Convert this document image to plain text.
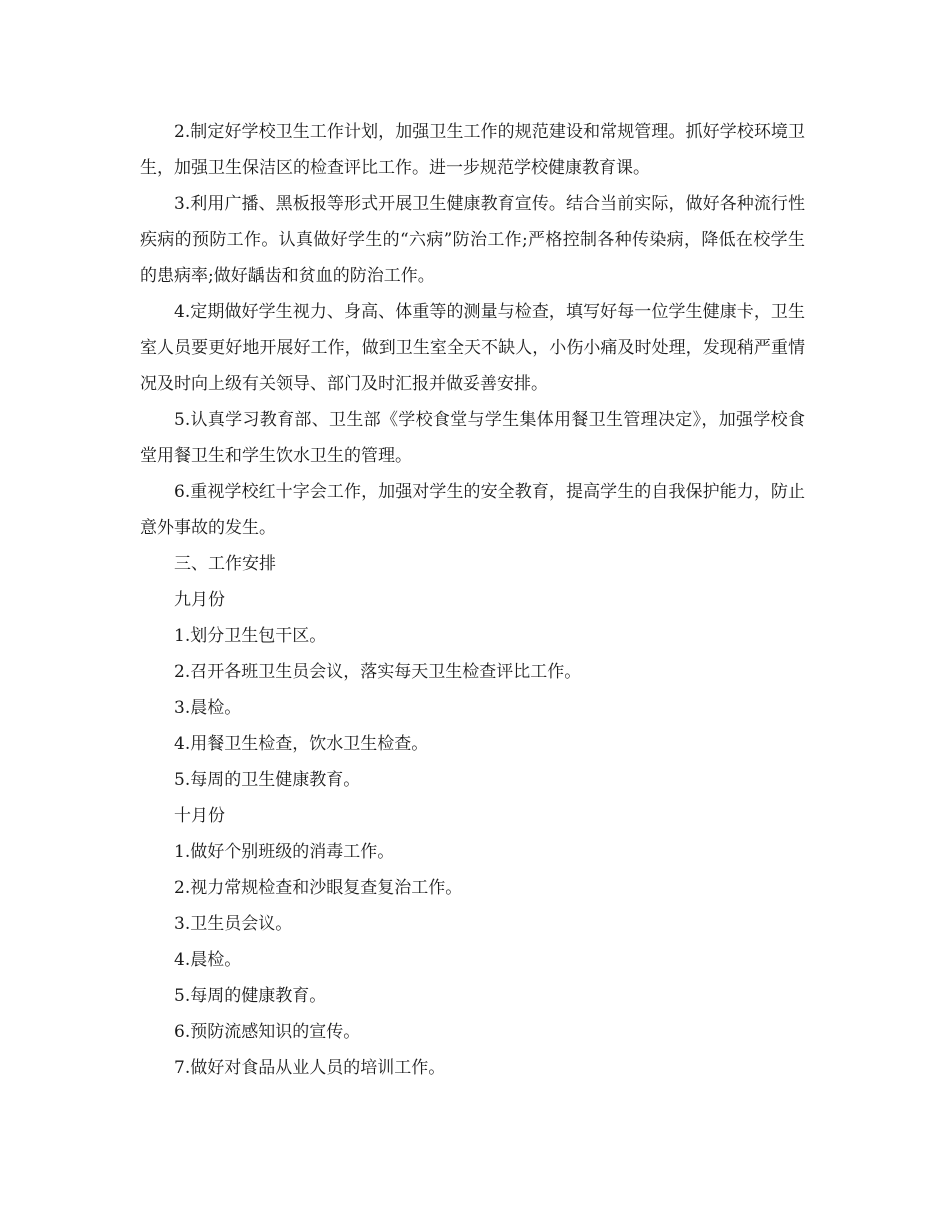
2.制定好学校卫生工作计划，加强卫生工作的规范建设和常规管理。抓好学校环境卫生，加强卫生保洁区的检查评比工作。进一步规范学校健康教育课。

3.利用广播、黑板报等形式开展卫生健康教育宣传。结合当前实际，做好各种流行性疾病的预防工作。认真做好学生的“六病”防治工作;严格控制各种传染病，降低在校学生的患病率;做好龋齿和贫血的防治工作。

4.定期做好学生视力、身高、体重等的测量与检查，填写好每一位学生健康卡，卫生室人员要更好地开展好工作，做到卫生室全天不缺人，小伤小痛及时处理，发现稍严重情况及时向上级有关领导、部门及时汇报并做妥善安排。

5.认真学习教育部、卫生部《学校食堂与学生集体用餐卫生管理决定》，加强学校食堂用餐卫生和学生饮水卫生的管理。

6.重视学校红十字会工作，加强对学生的安全教育，提高学生的自我保护能力，防止意外事故的发生。

三、工作安排

九月份

1.划分卫生包干区。

2.召开各班卫生员会议，落实每天卫生检查评比工作。

3.晨检。

4.用餐卫生检查，饮水卫生检查。

5.每周的卫生健康教育。

十月份

1.做好个别班级的消毒工作。

2.视力常规检查和沙眼复查复治工作。

3.卫生员会议。

4.晨检。

5.每周的健康教育。

6.预防流感知识的宣传。

7.做好对食品从业人员的培训工作。
